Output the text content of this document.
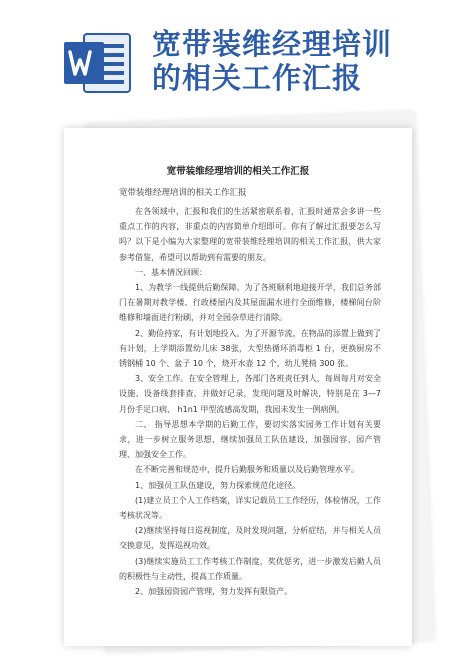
宽带装维经理培训
的相关工作汇报
宽带装维经理培训的相关工作汇报
宽带装维经理培训的相关工作汇报

在各领域中，汇报和我们的生活紧密联系着，汇报时通常会多讲一些重点工作的内容，非重点的内容简单介绍即可。你有了解过汇报要怎么写吗？以下是小编为大家整理的宽带装维经理培训的相关工作汇报，供大家参考借鉴，希望可以帮助到有需要的朋友。

一、基本情况回顾：

1、为教学一线提供后勤保障。为了各班顺利地迎接开学，我们总务部门在暑期对教学楼、行政楼屋内及其屋面漏水进行全面维修，楼梯间台阶维修和墙面进行粉刷，并对全园杂草进行清除。

2、勤俭持家，有计划地投入。为了开源节流，在物品的添置上做到了有计划，上学期添置幼儿床 38张，大型热循环消毒柜 1 台，更换厨房不锈钢桶 10 个、盆子 10 个，烧开水壶 12 个，幼儿凳椅 300 张。

3、安全工作。在安全管理上，各部门各班责任到人，每周每月对安全设施、设备线套排查，并做好记录，发现问题及时解决，特别是在 3—7 月份手足口病、 h1n1 甲型流感高发期，我园未发生一例病例。

二、 指导思想本学期的后勤工作，要切实落实园务工作计划有关要求，进一步树立服务思想，继续加强员工队伍建设，加强园容、园产管理、加强安全工作。

在不断完善和规范中，提升后勤服务和质量以及后勤管理水平。

1、加强员工队伍建设，努力探索规范化途径。

(1)建立员工个人工作档案，详实记载员工工作经历，体检情况，工作考核状况等。

(2)继续坚持每日巡视制度，及时发现问题，分析症结，并与相关人员交换意见，发挥巡视功效。

(3)继续实施员工工作考核工作制度，奖优惩劣，进一步激发后勤人员的积极性与主动性，提高工作质量。

2、加强园资园产管理，努力发挥有限资产。
